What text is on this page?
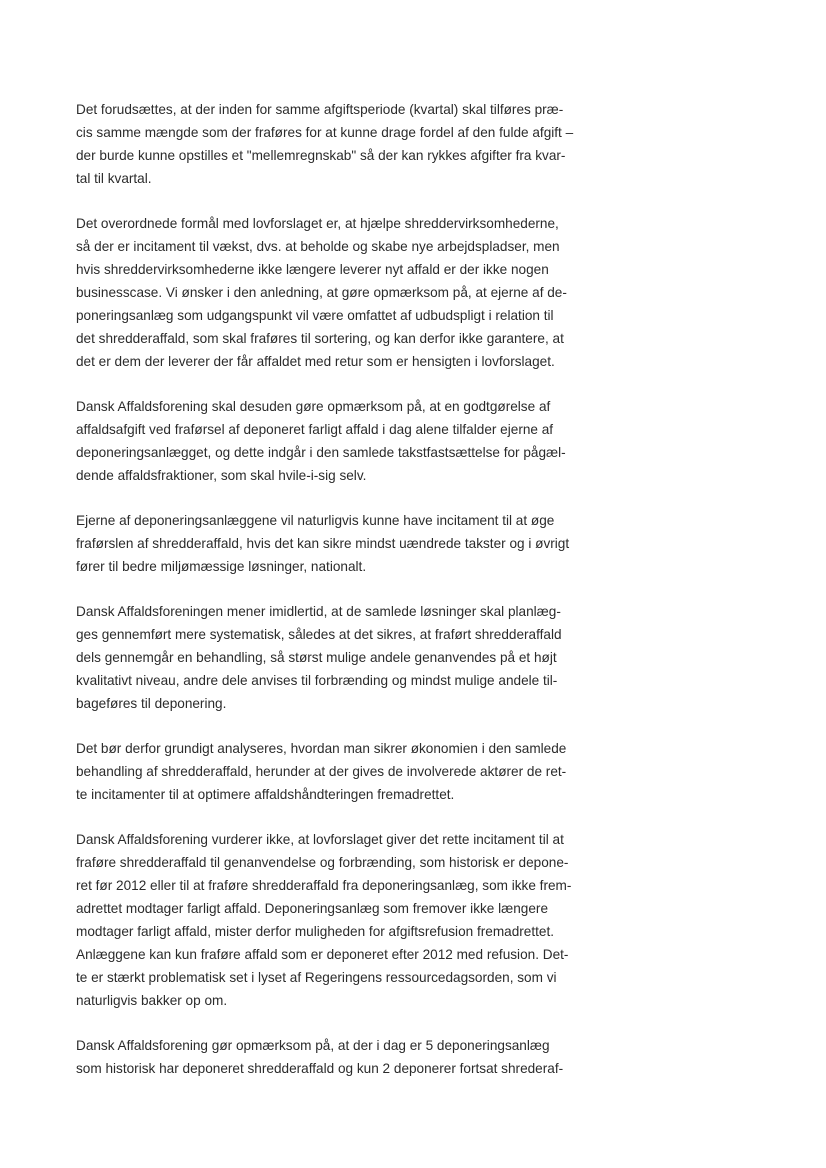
Det forudsættes, at der inden for samme afgiftsperiode (kvartal) skal tilføres præ-
cis samme mængde som der fraføres for at kunne drage fordel af den fulde afgift –
der burde kunne opstilles et "mellemregnskab" så der kan rykkes afgifter fra kvar-
tal til kvartal.

Det overordnede formål med lovforslaget er, at hjælpe shreddervirksomhederne,
så der er incitament til vækst, dvs. at beholde og skabe nye arbejdspladser, men
hvis shreddervirksomhederne ikke længere leverer nyt affald er der ikke nogen
businesscase. Vi ønsker i den anledning, at gøre opmærksom på, at ejerne af de-
poneringsanlæg som udgangspunkt vil være omfattet af udbudspligt i relation til
det shredderaffald, som skal fraføres til sortering, og kan derfor ikke garantere, at
det er dem der leverer der får affaldet med retur som er hensigten i lovforslaget.

Dansk Affaldsforening skal desuden gøre opmærksom på, at en godtgørelse af
affaldsafgift ved fraførsel af deponeret farligt affald i dag alene tilfalder ejerne af
deponeringsanlægget, og dette indgår i den samlede takstfastsættelse for pågæl-
dende affaldsfraktioner, som skal hvile-i-sig selv.

Ejerne af deponeringsanlæggene vil naturligvis kunne have incitament til at øge
fraførslen af shredderaffald, hvis det kan sikre mindst uændrede takster og i øvrigt
fører til bedre miljømæssige løsninger, nationalt.

Dansk Affaldsforeningen mener imidlertid, at de samlede løsninger skal planlæg-
ges gennemført mere systematisk, således at det sikres, at fraført shredderaffald
dels gennemgår en behandling, så størst mulige andele genanvendes på et højt
kvalitativt niveau, andre dele anvises til forbrænding og mindst mulige andele til-
bageføres til deponering.

Det bør derfor grundigt analyseres, hvordan man sikrer økonomien i den samlede
behandling af shredderaffald, herunder at der gives de involverede aktører de ret-
te incitamenter til at optimere affaldshåndteringen fremadrettet.

Dansk Affaldsforening vurderer ikke, at lovforslaget giver det rette incitament til at
fraføre shredderaffald til genanvendelse og forbrænding, som historisk er depone-
ret før 2012 eller til at fraføre shredderaffald fra deponeringsanlæg, som ikke frem-
adrettet modtager farligt affald. Deponeringsanlæg som fremover ikke længere
modtager farligt affald, mister derfor muligheden for afgiftsrefusion fremadrettet.
Anlæggene kan kun fraføre affald som er deponeret efter 2012 med refusion. Det-
te er stærkt problematisk set i lyset af Regeringens ressourcedagsorden, som vi
naturligvis bakker op om.

Dansk Affaldsforening gør opmærksom på, at der i dag er 5 deponeringsanlæg
som historisk har deponeret shredderaffald og kun 2 deponerer fortsat shrederaf-
